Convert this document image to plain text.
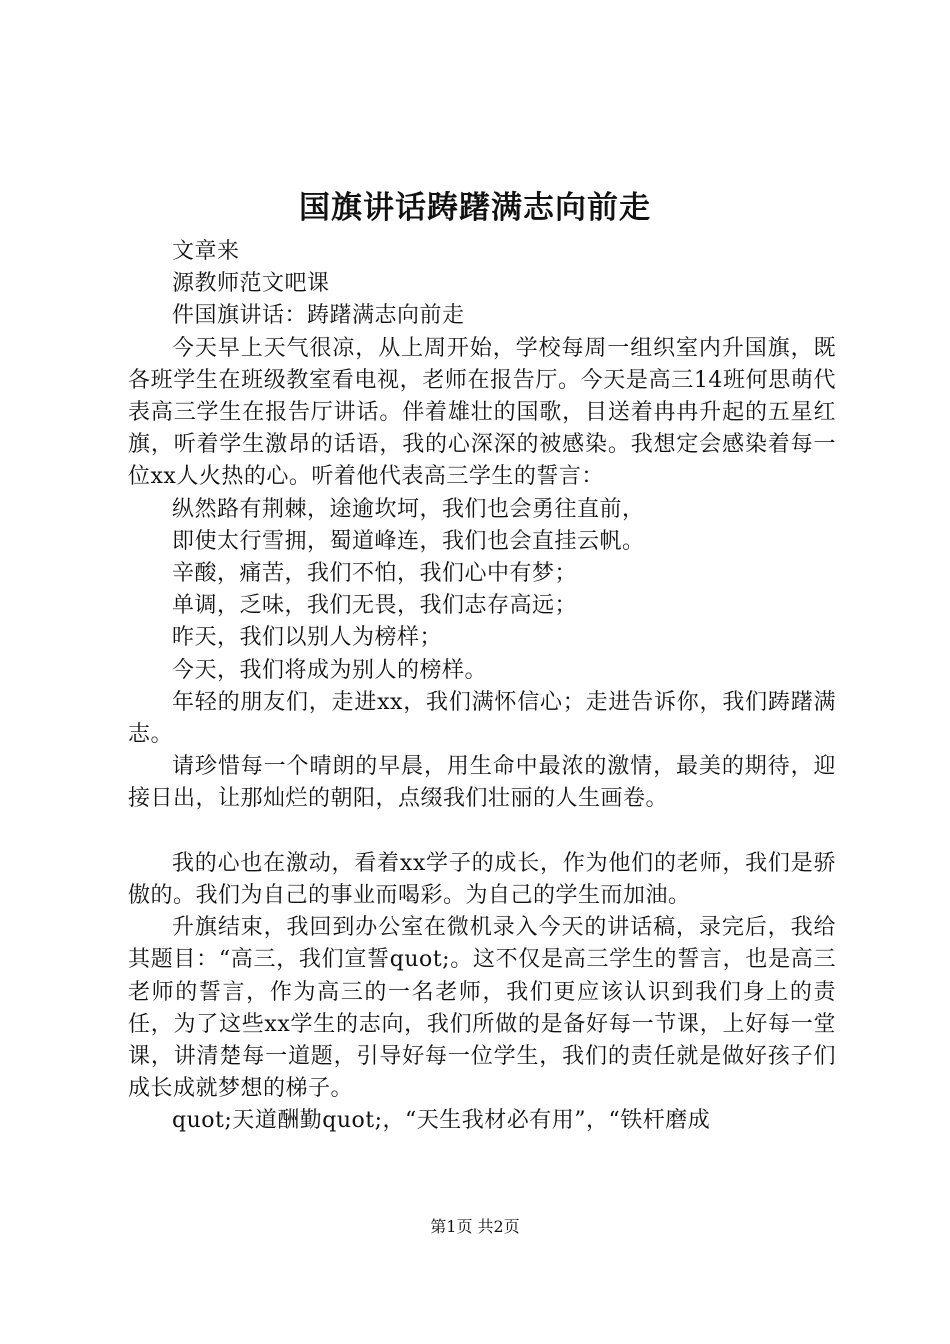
国旗讲话踌躇满志向前走

文章来

源教师范文吧课

件国旗讲话：踌躇满志向前走

今天早上天气很凉，从上周开始，学校每周一组织室内升国旗，既各班学生在班级教室看电视，老师在报告厅。今天是高三14班何思萌代表高三学生在报告厅讲话。伴着雄壮的国歌，目送着冉冉升起的五星红旗，听着学生激昂的话语，我的心深深的被感染。我想定会感染着每一位xx人火热的心。听着他代表高三学生的誓言：

纵然路有荆棘，途逾坎坷，我们也会勇往直前，

即使太行雪拥，蜀道峰连，我们也会直挂云帆。

辛酸，痛苦，我们不怕，我们心中有梦；

单调，乏味，我们无畏，我们志存高远；

昨天，我们以别人为榜样；

今天，我们将成为别人的榜样。

年轻的朋友们，走进xx，我们满怀信心；走进告诉你，我们踌躇满志。

请珍惜每一个晴朗的早晨，用生命中最浓的激情，最美的期待，迎接日出，让那灿烂的朝阳，点缀我们壮丽的人生画卷。

我的心也在激动，看着xx学子的成长，作为他们的老师，我们是骄傲的。我们为自己的事业而喝彩。为自己的学生而加油。

升旗结束，我回到办公室在微机录入今天的讲话稿，录完后，我给其题目：“高三，我们宣誓quot;。这不仅是高三学生的誓言，也是高三老师的誓言，作为高三的一名老师，我们更应该认识到我们身上的责任，为了这些xx学生的志向，我们所做的是备好每一节课，上好每一堂课，讲清楚每一道题，引导好每一位学生，我们的责任就是做好孩子们成长成就梦想的梯子。

quot;天道酬勤quot;，“天生我材必有用”，“铁杆磨成

第1页 共2页
